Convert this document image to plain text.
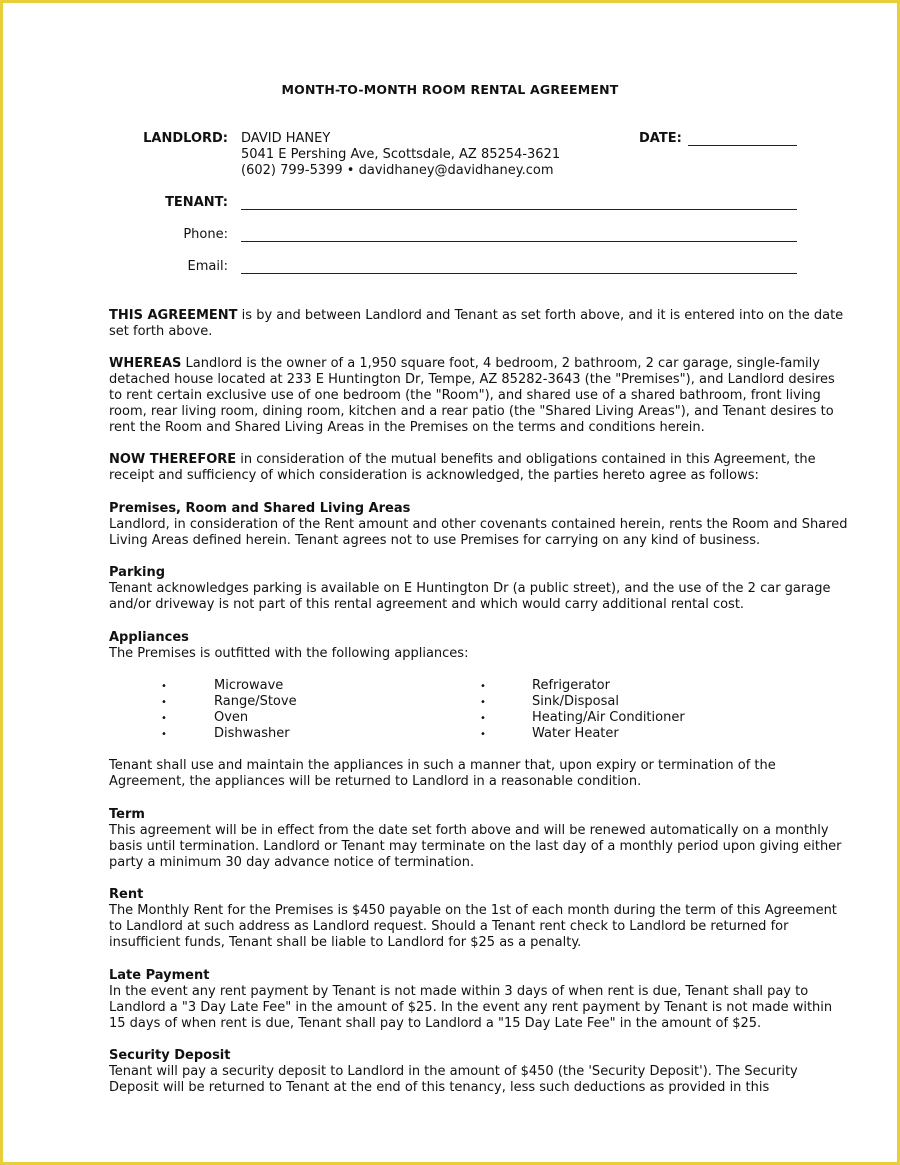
MONTH-TO-MONTH ROOM RENTAL AGREEMENT
LANDLORD: DAVID HANEY
5041 E Pershing Ave, Scottsdale, AZ 85254-3621
(602) 799-5399 • davidhaney@davidhaney.com
DATE:
TENANT:
Phone:
Email:

THIS AGREEMENT is by and between Landlord and Tenant as set forth above, and it is entered into on the date set forth above.

WHEREAS Landlord is the owner of a 1,950 square foot, 4 bedroom, 2 bathroom, 2 car garage, single-family detached house located at 233 E Huntington Dr, Tempe, AZ 85282-3643 (the "Premises"), and Landlord desires to rent certain exclusive use of one bedroom (the "Room"), and shared use of a shared bathroom, front living room, rear living room, dining room, kitchen and a rear patio (the "Shared Living Areas"), and Tenant desires to rent the Room and Shared Living Areas in the Premises on the terms and conditions herein.

NOW THEREFORE in consideration of the mutual benefits and obligations contained in this Agreement, the receipt and sufficiency of which consideration is acknowledged, the parties hereto agree as follows:

Premises, Room and Shared Living Areas
Landlord, in consideration of the Rent amount and other covenants contained herein, rents the Room and Shared Living Areas defined herein. Tenant agrees not to use Premises for carrying on any kind of business.

Parking
Tenant acknowledges parking is available on E Huntington Dr (a public street), and the use of the 2 car garage and/or driveway is not part of this rental agreement and which would carry additional rental cost.

Appliances
The Premises is outfitted with the following appliances:

•	Microwave
•	Range/Stove
•	Oven
•	Dishwasher
•	Refrigerator
•	Sink/Disposal
•	Heating/Air Conditioner
•	Water Heater

Tenant shall use and maintain the appliances in such a manner that, upon expiry or termination of the Agreement, the appliances will be returned to Landlord in a reasonable condition.

Term
This agreement will be in effect from the date set forth above and will be renewed automatically on a monthly basis until termination. Landlord or Tenant may terminate on the last day of a monthly period upon giving either party a minimum 30 day advance notice of termination.

Rent
The Monthly Rent for the Premises is $450 payable on the 1st of each month during the term of this Agreement to Landlord at such address as Landlord request. Should a Tenant rent check to Landlord be returned for insufficient funds, Tenant shall be liable to Landlord for $25 as a penalty.

Late Payment
In the event any rent payment by Tenant is not made within 3 days of when rent is due, Tenant shall pay to Landlord a "3 Day Late Fee" in the amount of $25. In the event any rent payment by Tenant is not made within 15 days of when rent is due, Tenant shall pay to Landlord a "15 Day Late Fee" in the amount of $25.

Security Deposit
Tenant will pay a security deposit to Landlord in the amount of $450 (the 'Security Deposit'). The Security Deposit will be returned to Tenant at the end of this tenancy, less such deductions as provided in this
